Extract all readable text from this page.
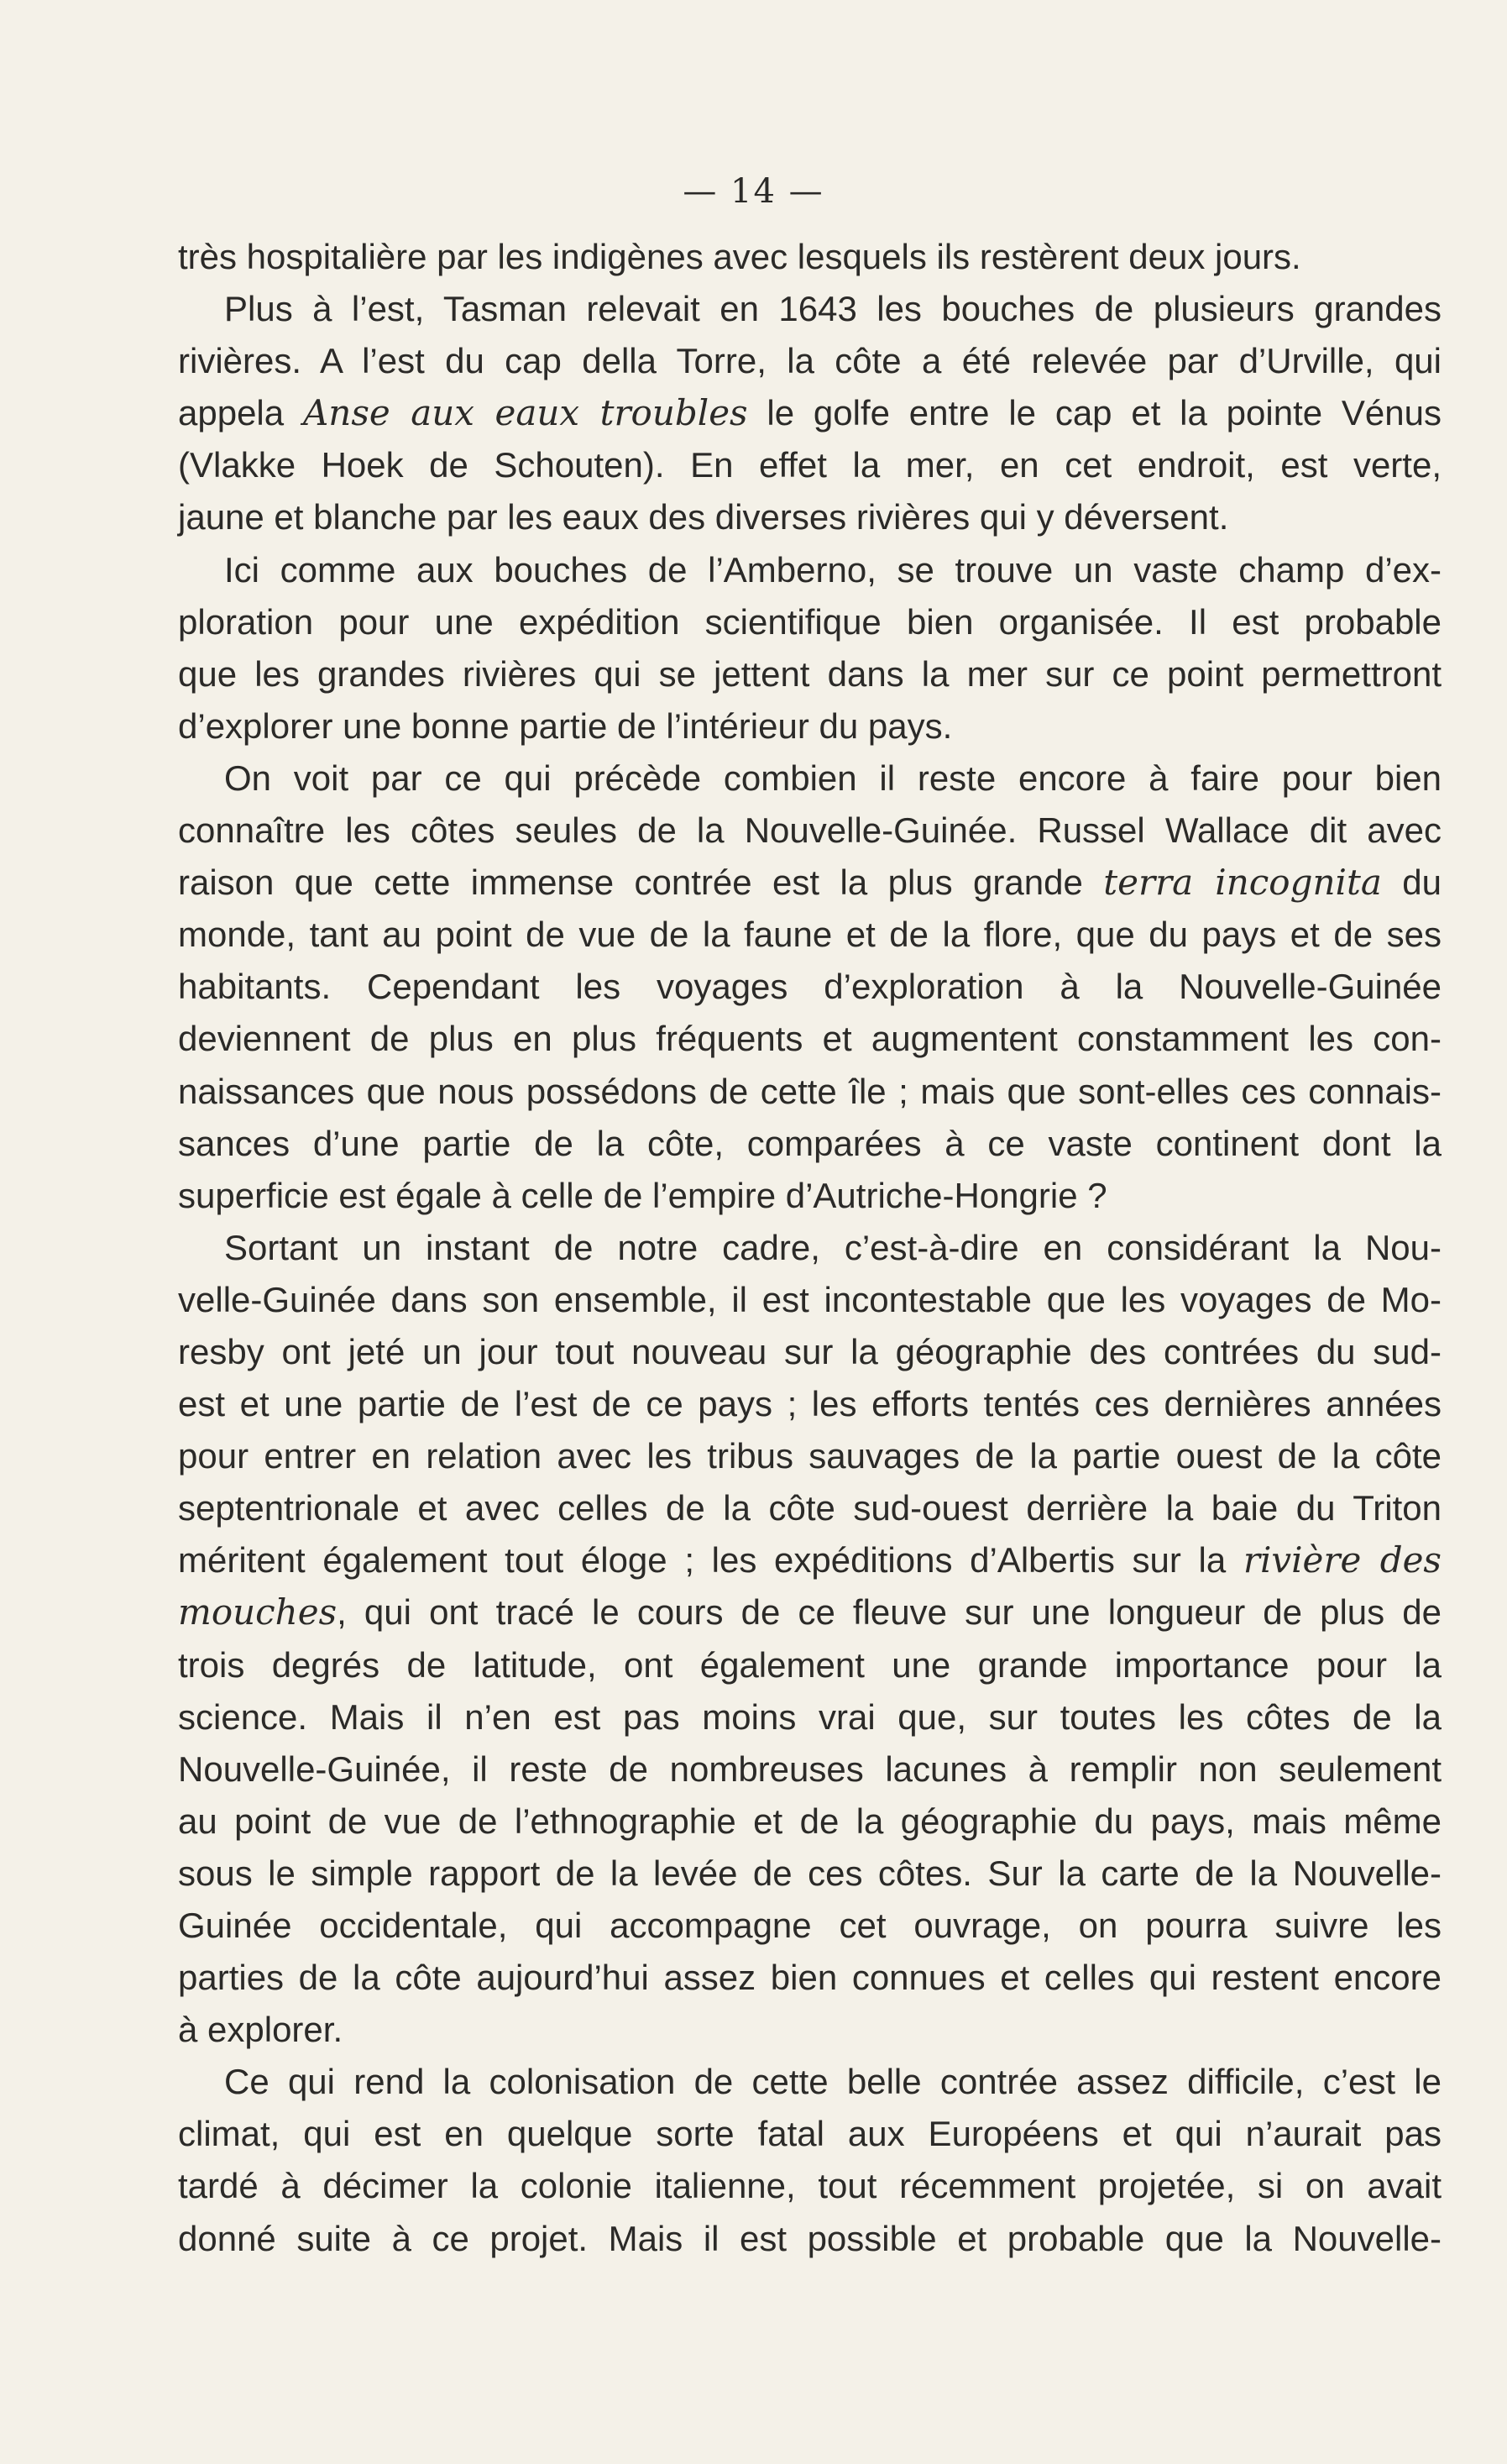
— 14 —
très hospitalière par les indigènes avec lesquels ils restèrent deux jours.
Plus à l’est, Tasman relevait en 1643 les bouches de plusieurs grandes
rivières. A l’est du cap della Torre, la côte a été relevée par d’Urville, qui
appela Anse aux eaux troubles le golfe entre le cap et la pointe Vénus
(Vlakke Hoek de Schouten). En effet la mer, en cet endroit, est verte,
jaune et blanche par les eaux des diverses rivières qui y déversent.
Ici comme aux bouches de l’Amberno, se trouve un vaste champ d’ex-
ploration pour une expédition scientifique bien organisée. Il est probable
que les grandes rivières qui se jettent dans la mer sur ce point permettront
d’explorer une bonne partie de l’intérieur du pays.
On voit par ce qui précède combien il reste encore à faire pour bien
connaître les côtes seules de la Nouvelle-Guinée. Russel Wallace dit avec
raison que cette immense contrée est la plus grande terra incognita du
monde, tant au point de vue de la faune et de la flore, que du pays et de ses
habitants. Cependant les voyages d’exploration à la Nouvelle-Guinée
deviennent de plus en plus fréquents et augmentent constamment les con-
naissances que nous possédons de cette île ; mais que sont-elles ces connais-
sances d’une partie de la côte, comparées à ce vaste continent dont la
superficie est égale à celle de l’empire d’Autriche-Hongrie ?
Sortant un instant de notre cadre, c’est-à-dire en considérant la Nou-
velle-Guinée dans son ensemble, il est incontestable que les voyages de Mo-
resby ont jeté un jour tout nouveau sur la géographie des contrées du sud-
est et une partie de l’est de ce pays ; les efforts tentés ces dernières années
pour entrer en relation avec les tribus sauvages de la partie ouest de la côte
septentrionale et avec celles de la côte sud-ouest derrière la baie du Triton
méritent également tout éloge ; les expéditions d’Albertis sur la rivière des
mouches, qui ont tracé le cours de ce fleuve sur une longueur de plus de
trois degrés de latitude, ont également une grande importance pour la
science. Mais il n’en est pas moins vrai que, sur toutes les côtes de la
Nouvelle-Guinée, il reste de nombreuses lacunes à remplir non seulement
au point de vue de l’ethnographie et de la géographie du pays, mais même
sous le simple rapport de la levée de ces côtes. Sur la carte de la Nouvelle-
Guinée occidentale, qui accompagne cet ouvrage, on pourra suivre les
parties de la côte aujourd’hui assez bien connues et celles qui restent encore
à explorer.
Ce qui rend la colonisation de cette belle contrée assez difficile, c’est le
climat, qui est en quelque sorte fatal aux Européens et qui n’aurait pas
tardé à décimer la colonie italienne, tout récemment projetée, si on avait
donné suite à ce projet. Mais il est possible et probable que la Nouvelle-
